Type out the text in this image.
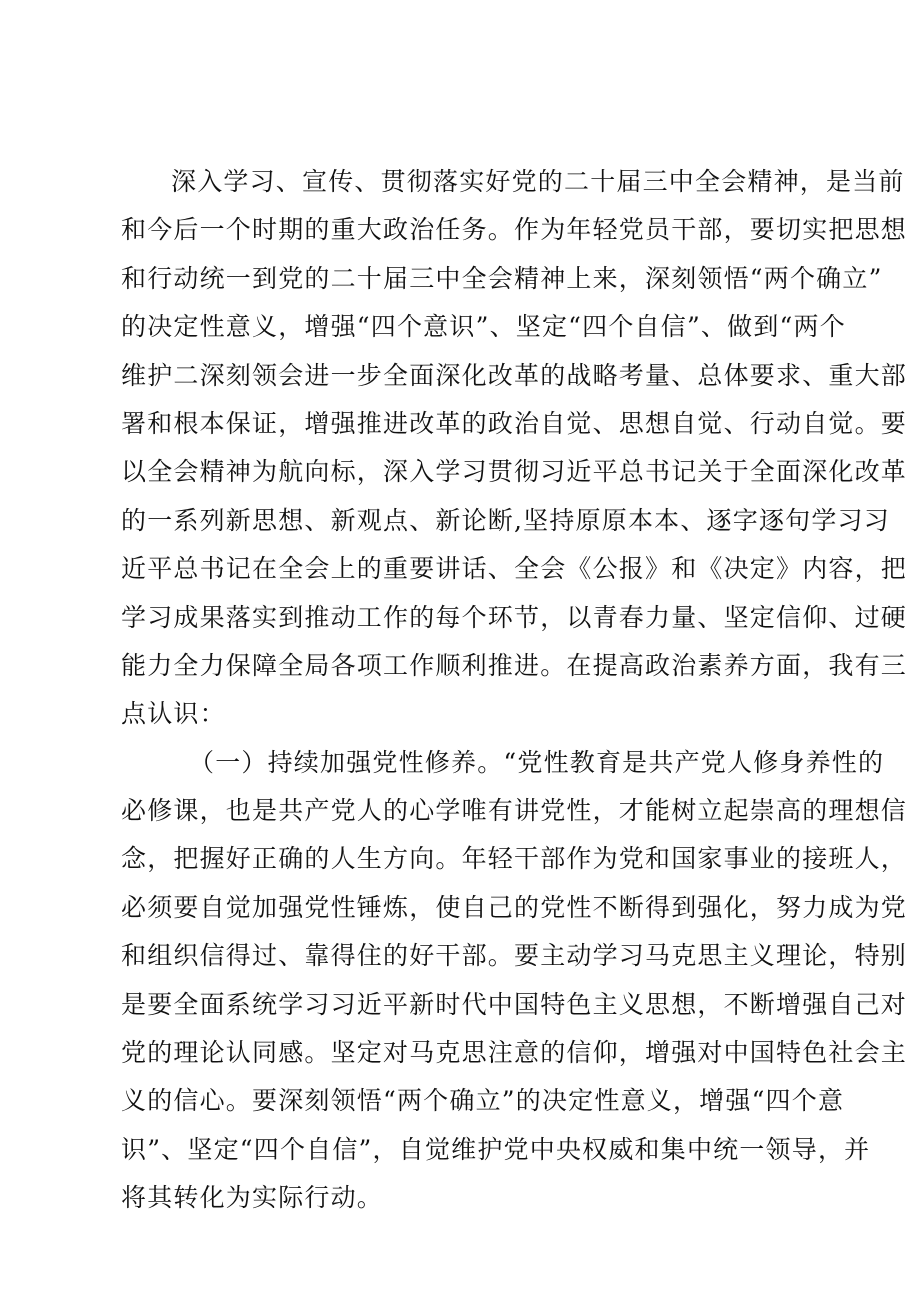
深入学习、宣传、贯彻落实好党的二十届三中全会精神，是当前
和今后一个时期的重大政治任务。作为年轻党员干部，要切实把思想
和行动统一到党的二十届三中全会精神上来，深刻领悟“两个确立”
的决定性意义，增强“四个意识”、坚定“四个自信”、做到“两个
维护二深刻领会进一步全面深化改革的战略考量、总体要求、重大部
署和根本保证，增强推进改革的政治自觉、思想自觉、行动自觉。要
以全会精神为航向标，深入学习贯彻习近平总书记关于全面深化改革
的一系列新思想、新观点、新论断,坚持原原本本、逐字逐句学习习
近平总书记在全会上的重要讲话、全会《公报》和《决定》内容，把
学习成果落实到推动工作的每个环节，以青春力量、坚定信仰、过硬
能力全力保障全局各项工作顺利推进。在提高政治素养方面，我有三
点认识：
（一）持续加强党性修养。“党性教育是共产党人修身养性的
必修课，也是共产党人的心学唯有讲党性，才能树立起崇高的理想信
念，把握好正确的人生方向。年轻干部作为党和国家事业的接班人，
必须要自觉加强党性锤炼，使自己的党性不断得到强化，努力成为党
和组织信得过、靠得住的好干部。要主动学习马克思主义理论，特别
是要全面系统学习习近平新时代中国特色主义思想，不断增强自己对
党的理论认同感。坚定对马克思注意的信仰，增强对中国特色社会主
义的信心。要深刻领悟“两个确立”的决定性意义，增强“四个意
识”、坚定“四个自信”，自觉维护党中央权威和集中统一领导，并
将其转化为实际行动。
